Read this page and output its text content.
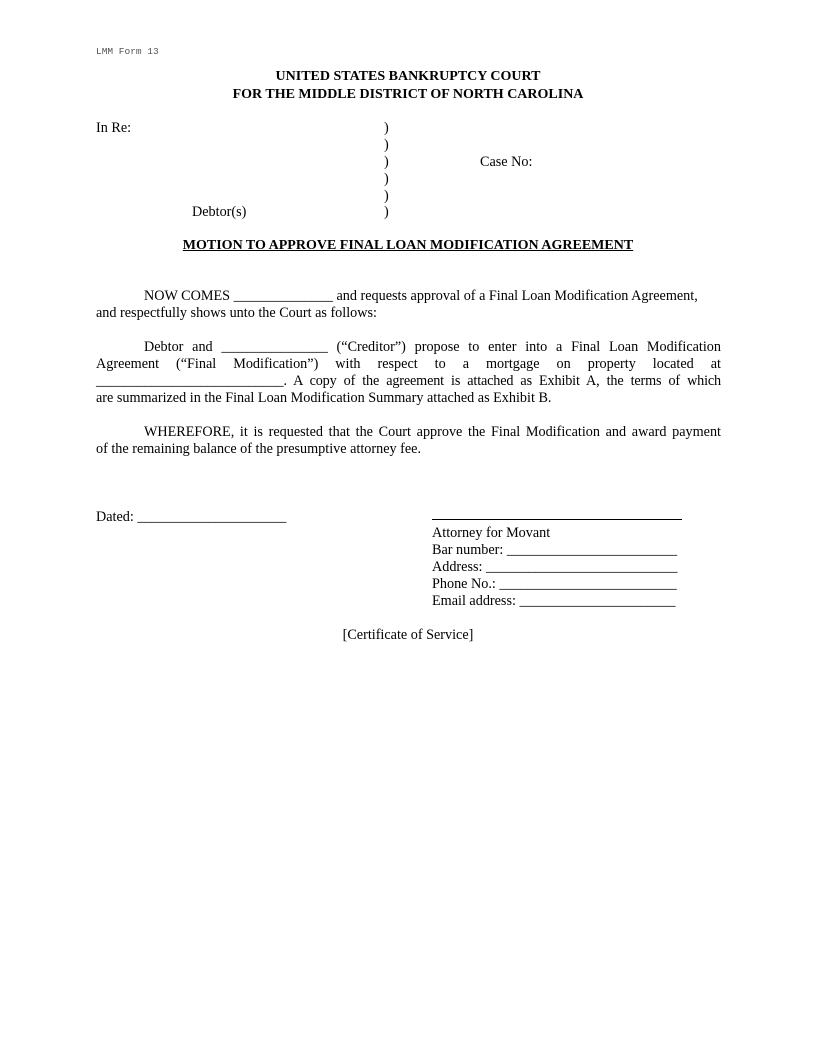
LMM Form 13
UNITED STATES BANKRUPTCY COURT
FOR THE MIDDLE DISTRICT OF NORTH CAROLINA
In Re:	)
)
)	Case No:
)
)
)
Debtor(s)
MOTION TO APPROVE FINAL LOAN MODIFICATION AGREEMENT
NOW COMES ______________ and requests approval of a Final Loan Modification Agreement,
and respectfully shows unto the Court as follows:
Debtor and _______________ (“Creditor”) propose to enter into a Final Loan Modification
Agreement (“Final Modification”) with respect to a mortgage on property located at
___________________________. A copy of the agreement is attached as Exhibit A, the terms of which
are summarized in the Final Loan Modification Summary attached as Exhibit B.
WHEREFORE, it is requested that the Court approve the Final Modification and award payment
of the remaining balance of the presumptive attorney fee.
Dated: _____________________
Attorney for Movant
Bar number: ________________________
Address: ___________________________
Phone No.: _________________________
Email address: ______________________
[Certificate of Service]
